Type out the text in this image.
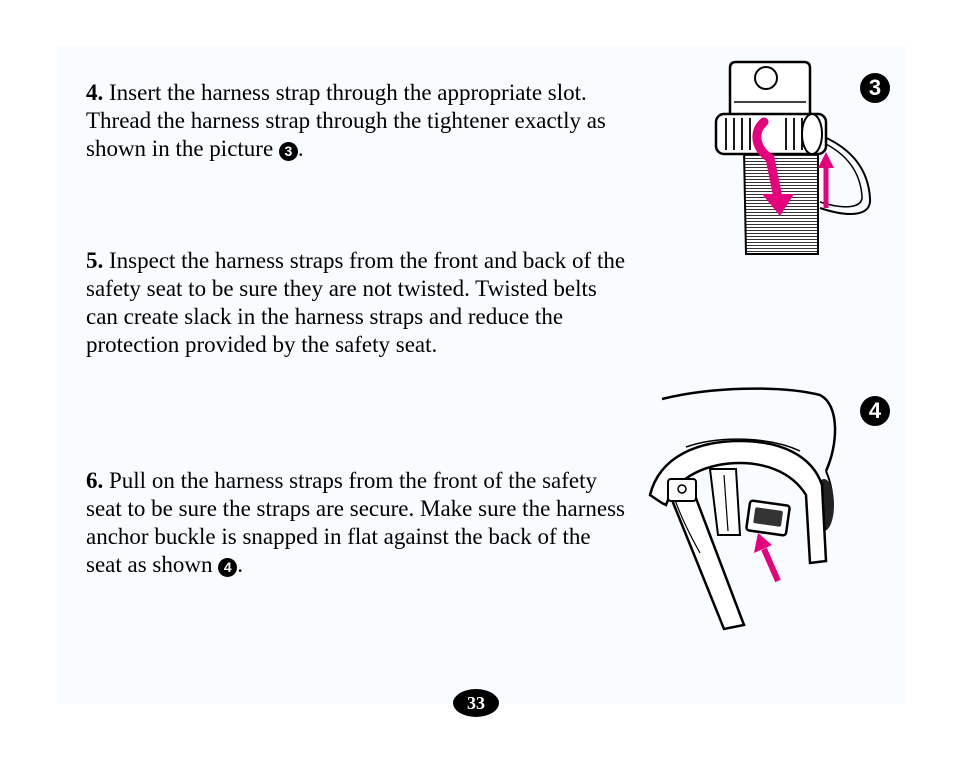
4. Insert the harness strap through the appropriate slot. Thread the harness strap through the tightener exactly as shown in the picture 3 .

5. Inspect the harness straps from the front and back of the safety seat to be sure they are not twisted. Twisted belts can create slack in the harness straps and reduce the protection provided by the safety seat.

6. Pull on the harness straps from the front of the safety seat to be sure the straps are secure. Make sure the harness anchor buckle is snapped in flat against the back of the seat as shown 4 .

3
4
33
